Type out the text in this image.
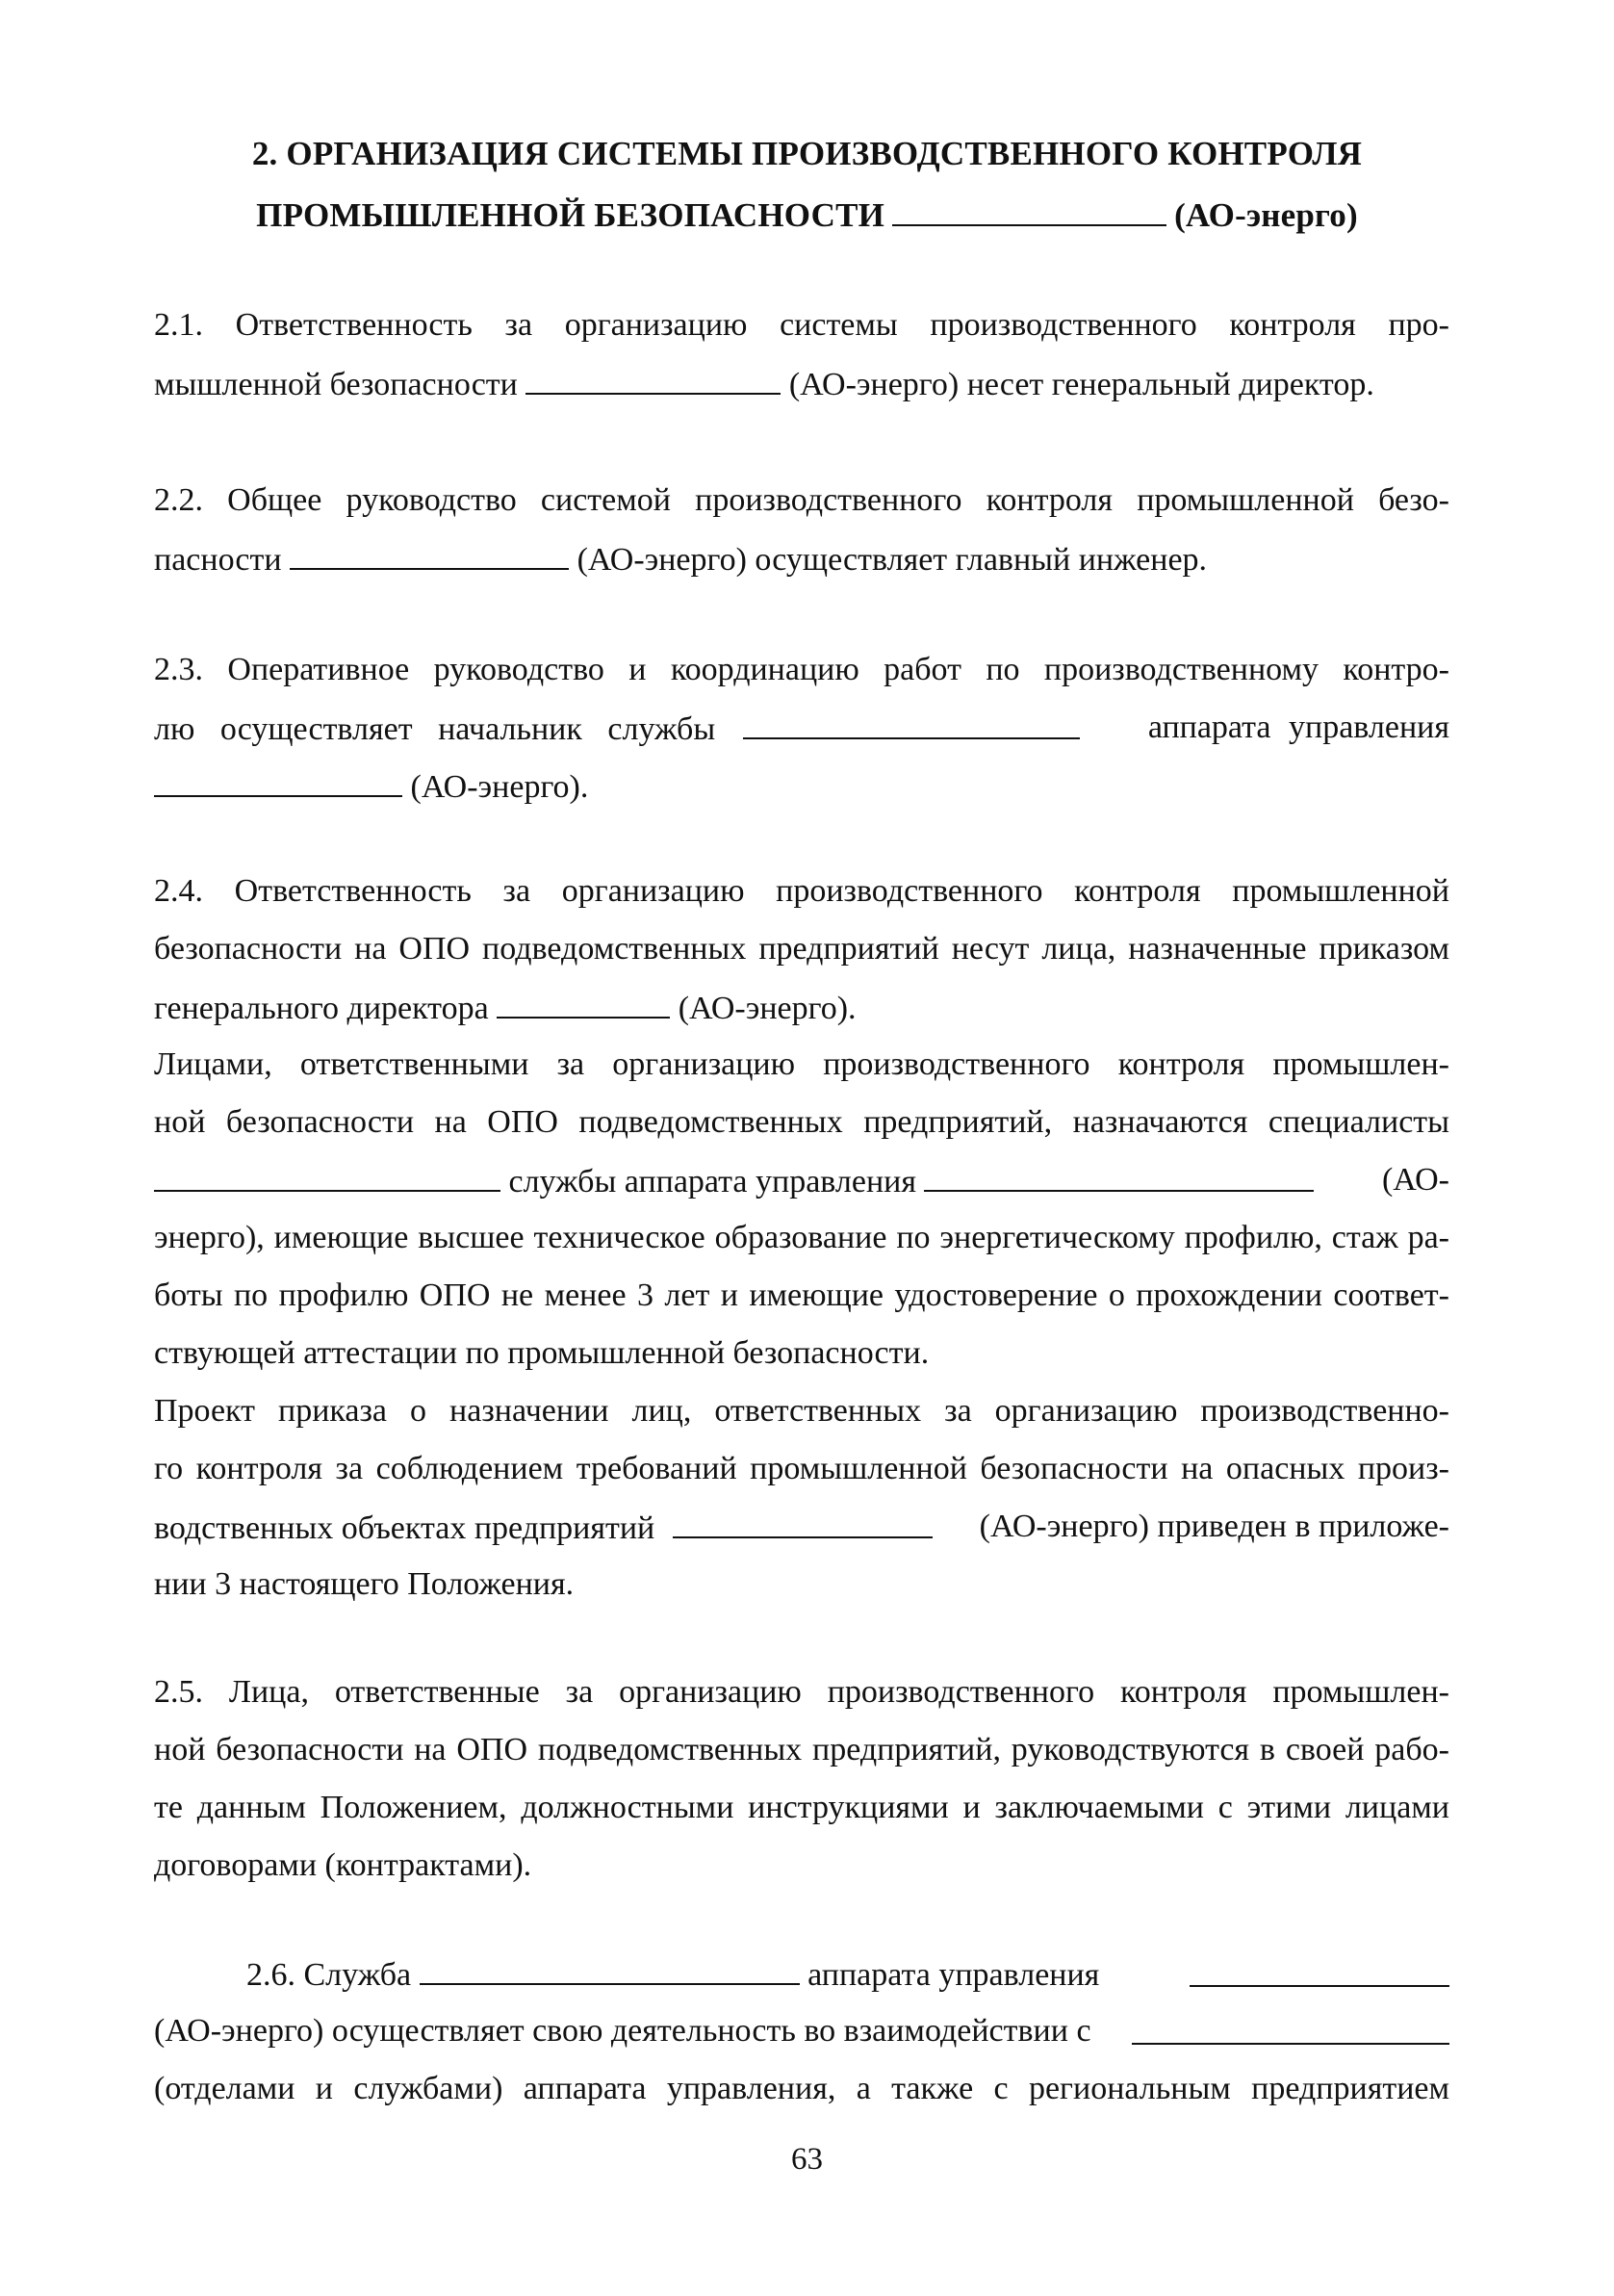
2. ОРГАНИЗАЦИЯ СИСТЕМЫ ПРОИЗВОДСТВЕННОГО КОНТРОЛЯ
ПРОМЫШЛЕННОЙ БЕЗОПАСНОСТИ	(АО-энерго)
2.1. Ответственность за организацию системы производственного контроля про-
мышленной безопасности	(АО-энерго) несет генеральный директор.
2.2. Общее руководство системой производственного контроля промышленной безо-
пасности	(АО-энерго) осуществляет главный инженер.
2.3. Оперативное руководство и координацию работ по производственному контро-
лю осуществляет начальник службы	аппарата управления
(АО-энерго).
2.4. Ответственность за организацию производственного контроля промышленной
безопасности на ОПО подведомственных предприятий несут лица, назначенные приказом
генерального директора	(АО-энерго).
Лицами, ответственными за организацию производственного контроля промышлен-
ной безопасности на ОПО подведомственных предприятий, назначаются специалисты
службы аппарата управления	(АО-
энерго), имеющие высшее техническое образование по энергетическому профилю, стаж ра-
боты по профилю ОПО не менее 3 лет и имеющие удостоверение о прохождении соответ-
ствующей аттестации по промышленной безопасности.
Проект приказа о назначении лиц, ответственных за организацию производственно-
го контроля за соблюдением требований промышленной безопасности на опасных произ-
водственных объектах предприятий	(АО-энерго) приведен в приложе-
нии 3 настоящего Положения.
2.5. Лица, ответственные за организацию производственного контроля промышлен-
ной безопасности на ОПО подведомственных предприятий, руководствуются в своей рабо-
те данным Положением, должностными инструкциями и заключаемыми с этими лицами
договорами (контрактами).
2.6. Служба	аппарата управления
(АО-энерго) осуществляет свою деятельность во взаимодействии с
(отделами и службами) аппарата управления, а также с региональным предприятием
63
